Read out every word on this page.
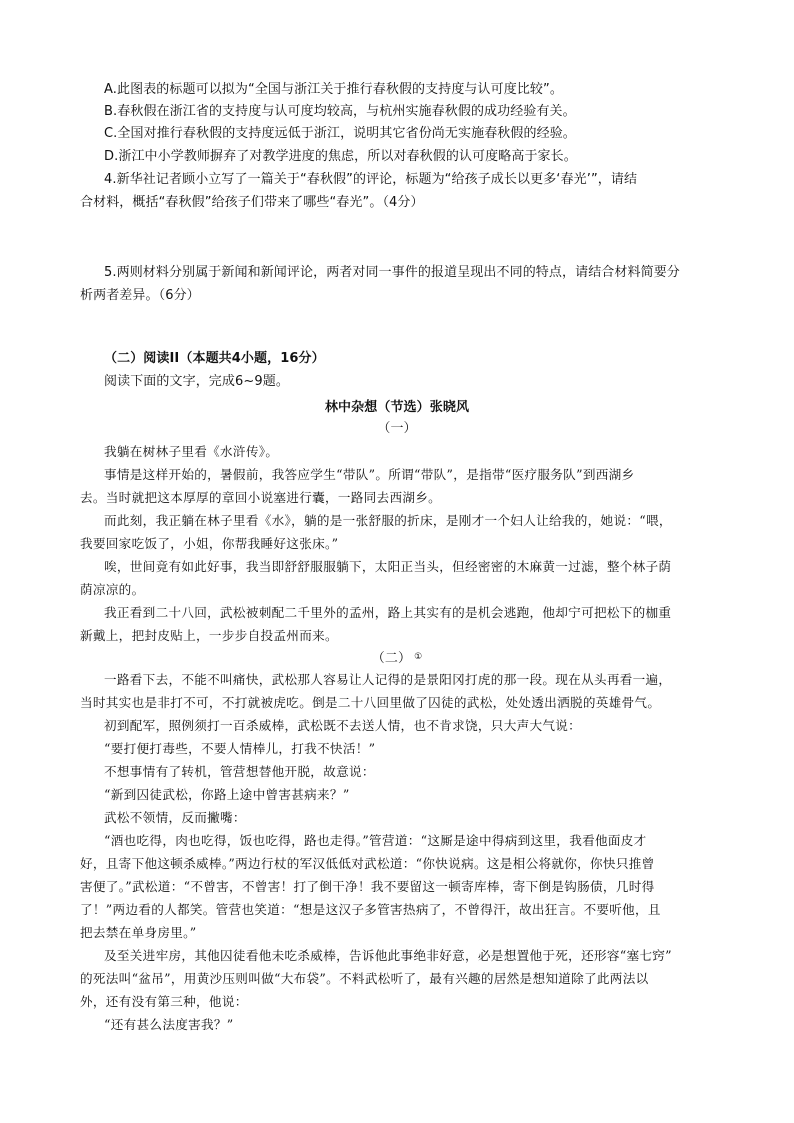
A.此图表的标题可以拟为“全国与浙江关于推行春秋假的支持度与认可度比较”。
B.春秋假在浙江省的支持度与认可度均较高，与杭州实施春秋假的成功经验有关。
C.全国对推行春秋假的支持度远低于浙江，说明其它省份尚无实施春秋假的经验。
D.浙江中小学教师摒弃了对教学进度的焦虑，所以对春秋假的认可度略高于家长。
4.新华社记者顾小立写了一篇关于“春秋假”的评论，标题为“给孩子成长以更多‘春光’”，请结
合材料，概括“春秋假”给孩子们带来了哪些“春光”。（4分）
5.两则材料分别属于新闻和新闻评论，两者对同一事件的报道呈现出不同的特点，请结合材料简要分
析两者差异。（6分）
（二）阅读II（本题共4小题，16分）
阅读下面的文字，完成6~9题。
林中杂想（节选）张晓风
（一）
我躺在树林子里看《水浒传》。
事情是这样开始的，暑假前，我答应学生“带队”。所谓“带队”，是指带“医疗服务队”到西湖乡
去。当时就把这本厚厚的章回小说塞进行囊，一路同去西湖乡。
而此刻，我正躺在林子里看《水》，躺的是一张舒服的折床，是刚才一个妇人让给我的，她说：“喂，
我要回家吃饭了，小姐，你帮我睡好这张床。”
唉，世间竟有如此好事，我当即舒舒服服躺下，太阳正当头，但经密密的木麻黄一过滤，整个林子荫
荫凉凉的。
我正看到二十八回，武松被刺配二千里外的孟州，路上其实有的是机会逃跑，他却宁可把松下的枷重
新戴上，把封皮贴上，一步步自投孟州而来。
（二） ①
一路看下去，不能不叫痛快，武松那人容易让人记得的是景阳冈打虎的那一段。现在从头再看一遍，
当时其实也是非打不可，不打就被虎吃。倒是二十八回里做了囚徒的武松，处处透出洒脱的英雄骨气。
初到配军，照例须打一百杀威棒，武松既不去送人情，也不肯求饶，只大声大气说：
“要打便打毒些，不要人情棒儿，打我不快活！”
不想事情有了转机，管营想替他开脱，故意说：
“新到囚徒武松，你路上途中曾害甚病来？”
武松不领情，反而撇嘴：
“酒也吃得，肉也吃得，饭也吃得，路也走得。”管营道：“这厮是途中得病到这里，我看他面皮才
好，且寄下他这顿杀威棒。”两边行杖的军汉低低对武松道：“你快说病。这是相公将就你，你快只推曾
害便了。”武松道：“不曾害，不曾害！打了倒干净！我不要留这一顿寄库棒，寄下倒是钩肠债，几时得
了！”两边看的人都笑。管营也笑道：“想是这汉子多管害热病了，不曾得汗，故出狂言。不要听他，且
把去禁在单身房里。”
及至关进牢房，其他囚徒看他未吃杀威棒，告诉他此事绝非好意，必是想置他于死，还形容“塞七窍”
的死法叫“盆吊”，用黄沙压则叫做“大布袋”。不料武松听了，最有兴趣的居然是想知道除了此两法以
外，还有没有第三种，他说：
“还有甚么法度害我？”
